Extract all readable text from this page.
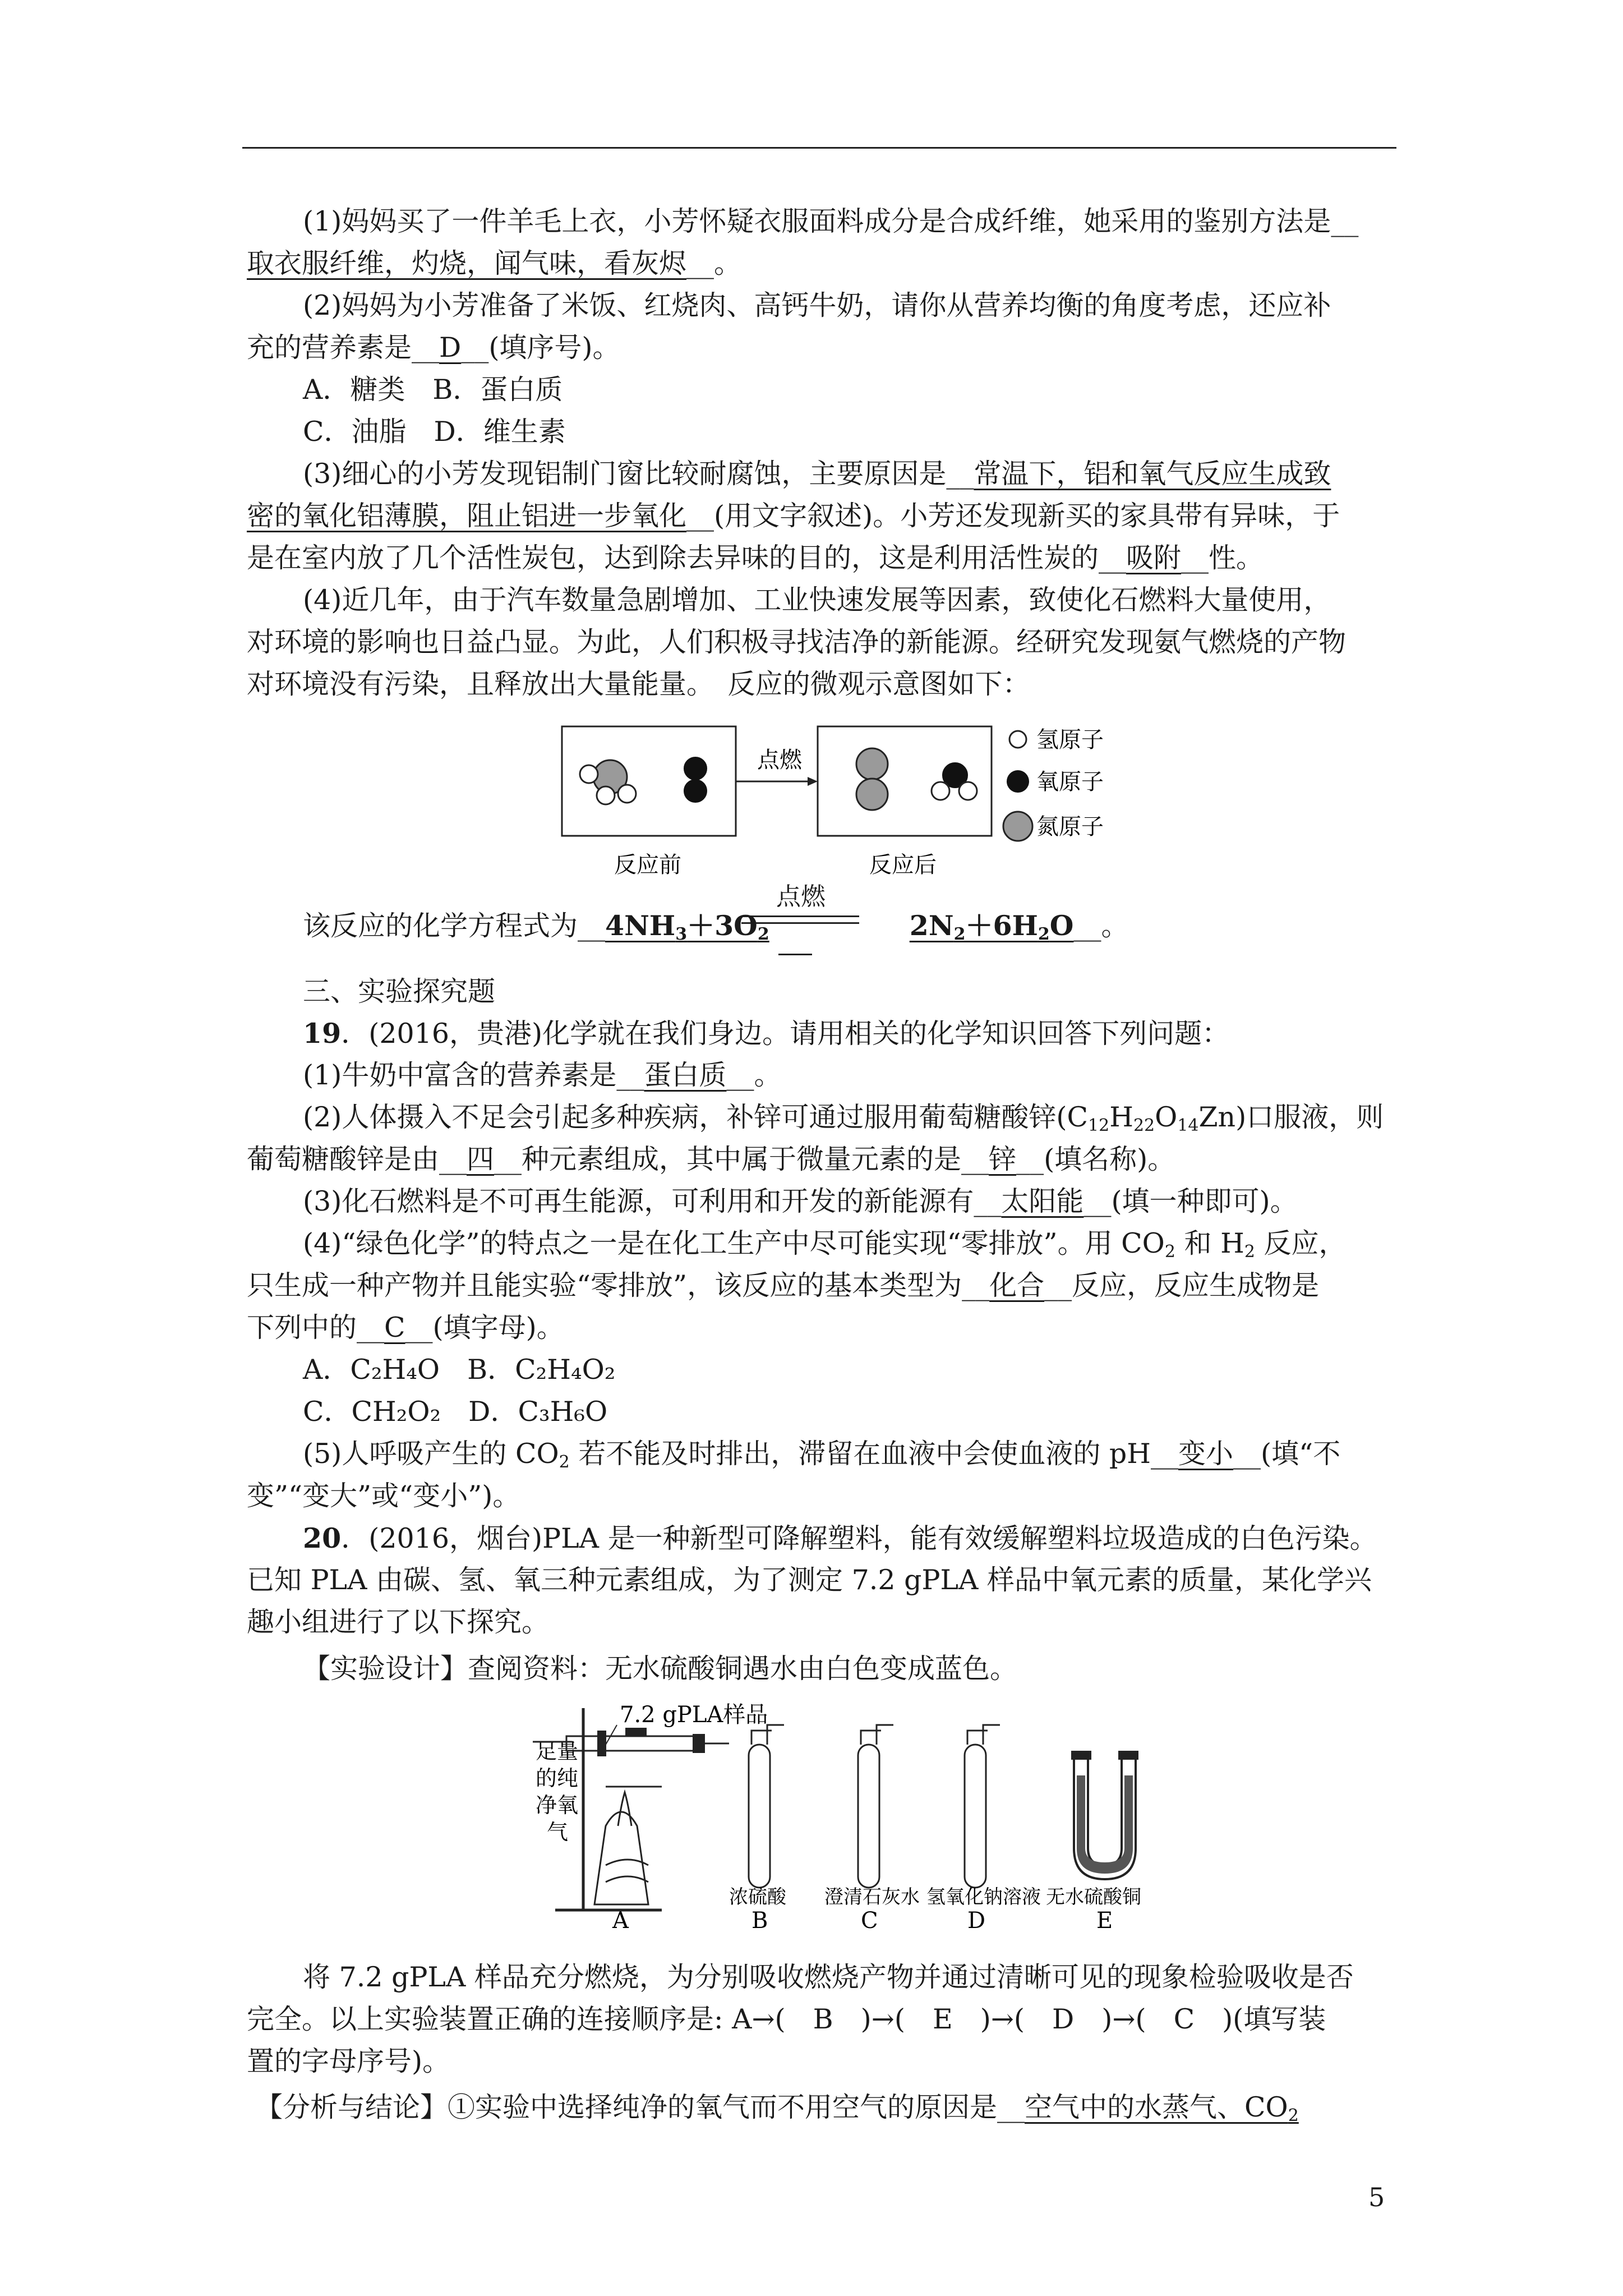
(1)妈妈买了一件羊毛上衣，小芳怀疑衣服面料成分是合成纤维，她采用的鉴别方法是__
取衣服纤维，灼烧，闻气味，看灰烬__。
(2)妈妈为小芳准备了米饭、红烧肉、高钙牛奶，请你从营养均衡的角度考虑，还应补
充的营养素是__D__(填序号)。
A．糖类　B．蛋白质
C．油脂　D．维生素
(3)细心的小芳发现铝制门窗比较耐腐蚀，主要原因是__常温下，铝和氧气反应生成致
密的氧化铝薄膜，阻止铝进一步氧化__(用文字叙述)。小芳还发现新买的家具带有异味，于
是在室内放了几个活性炭包，达到除去异味的目的，这是利用活性炭的__吸附__性。
(4)近几年，由于汽车数量急剧增加、工业快速发展等因素，致使化石燃料大量使用，
对环境的影响也日益凸显。为此，人们积极寻找洁净的新能源。经研究发现氨气燃烧的产物
对环境没有污染，且释放出大量能量。　反应的微观示意图如下：
点燃
反应前	反应后
氢原子
氧原子
氮原子
点燃
该反应的化学方程式为$\_\_4NH_3+3O_2$	$2N_2+6H_2O\_\_$。
三、实验探究题
19．(2016，贵港)化学就在我们身边。请用相关的化学知识回答下列问题：
(1)牛奶中富含的营养素是__蛋白质__。
(2)人体摄入不足会引起多种疾病，补锌可通过服用葡萄糖酸锌$(C_{12}H_{22}O_{14}Zn)$口服液，则
葡萄糖酸锌是由__四__种元素组成，其中属于微量元素的是__锌__(填名称)。
(3)化石燃料是不可再生能源，可利用和开发的新能源有__太阳能__(填一种即可)。
(4)“绿色化学”的特点之一是在化工生产中尽可能实现“零排放”。用 $CO_2$ 和 $H_2$ 反应，
只生成一种产物并且能实验“零排放”，该反应的基本类型为__化合__反应，反应生成物是
下列中的__C__(填字母)。
A．C₂H₄O　B．C₂H₄O₂
C．CH₂O₂　D．C₃H₆O
(5)人呼吸产生的 $CO_2$ 若不能及时排出，滞留在血液中会使血液的 pH__变小__(填“不
变”“变大”或“变小”)。
20．(2016，烟台)PLA 是一种新型可降解塑料，能有效缓解塑料垃圾造成的白色污染。
已知 PLA 由碳、氢、氧三种元素组成，为了测定 7.2 gPLA 样品中氧元素的质量，某化学兴
趣小组进行了以下探究。
【实验设计】查阅资料：无水硫酸铜遇水由白色变成蓝色。
7.2 gPLA样品
足量
的纯
净氧
气
A
浓硫酸
B
澄清石灰水
C
氢氧化钠溶液
D
无水硫酸铜
E
将 7.2 gPLA 样品充分燃烧，为分别吸收燃烧产物并通过清晰可见的现象检验吸收是否
完全。以上实验装置正确的连接顺序是: A→(　B　)→(　E　)→(　D　)→(　C　)(填写装
置的字母序号)。
【分析与结论】①实验中选择纯净的氧气而不用空气的原因是__空气中的水蒸气、$CO_2$
5
